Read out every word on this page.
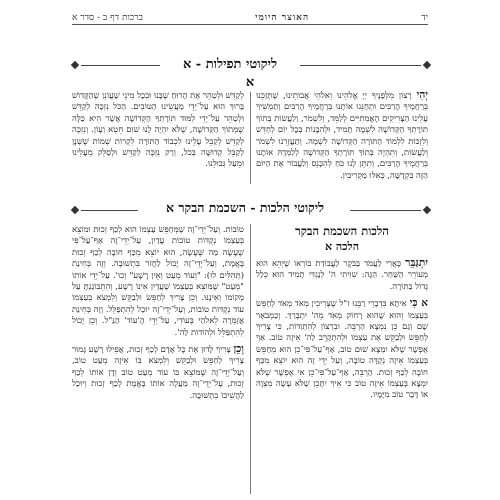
יד
האוצר היומי
ברכות דף ב - סדר א
ליקוטי תפילות - א
א

יְהִי רָצוֹן מִלְּפָנֶיךָ יְיָ אֱלֹהֵינוּ וֵאלֹהֵי אֲבוֹתֵינוּ, שֶׁתְּזַכֵּנוּ בְּרַחֲמֶיךָ הָרַבִּים וּתְחָנֵּנוּ אוֹתָנוּ בְּרַחֲמֶיךָ הָרַבִּים וְתַמְשִׁיךְ עָלֵינוּ הַצָּרִיקִים הָאֲמִתִּיִּים לְלַמֵּד, וְלִשְׁמֹר, וְלַעֲשׂוֹת בְּתוֹךְ תּוֹרָתְךָ הַקְּדוֹשָׁה לִשְׁמָהּ תָּמִיד, וּלְהִבָּנוֹת בְּכָל יוֹם לְחַדֵּשׁ וְלִזְכּוֹת לִלְמוֹד הַתּוֹרָה הַקְּדוֹשָׁה לִשְׁמָהּ. וְתַעֲזְרֵנוּ לִשְׁמֹר וְלַעֲשׂוֹת, וְתִהְיֶה בְּתוֹךְ תּוֹרָתְךָ הַקְּדוֹשָׁה לְלַמְּדָהּ אוֹתָנוּ בְּרַחֲמֶיךָ הָרַבִּים, וְתִתֵּן לָנוּ כֹּחַ לְהִכָּנֵס וְלַעֲבוֹר אֶת הַיּוֹם הַזֶּה בִּקְדֻשָּׁה, כְּאִלּוּ מַקְרִיבִין.

לְקַדֵּשׁ וּלְטַהֵר אֶת הָרוּחַ שֶׁבָּנוּ וּבְכָל מִינֵי שֶׁעֲוֹנֵן שֶׁהַקָּדוֹשׁ בָּרוּךְ הוּא עַל־יְדֵי מַעֲשֵׂינוּ הַטּוֹבִים. הַכֹּל נִזְכֶּה לְקַדֵּשׁ וּלְטַהֵר עַל־יְדֵי לִמּוּד תּוֹרָתְךָ הַקְּדוֹשָׁה אֲשֶׁר הִיא כַּלָּה שֶׁמְּתוֹךְ הַקְּדוֹשָׁה, שֶׁלֹּא יִהְיֶה לָנוּ שׁוּם חֵטְא וְעָוֹן. וְנִזְכֶּה לְקַדֵּשׁ לְקַבֵּל עָלֵינוּ לִכְבוֹד הַתּוֹרָה לִקְרוֹת שְׁמוֹת שֶׁשְּׁנָן לְקַבֵּל קְדוּשָּׁה בְּכֹל, וְרַק נִזְכֶּה לְקַדֵּשׁ וּלְסַלֵּק מֵעָלֵינוּ וּמֵעַל גְּבוּלֵנוּ.

ליקוטי הלכות - השכמת הבקר א
הלכות השכמת הבקר
הלכה א

יִתְגַּבֵּר כָּאֲרִי לַעֲמֹד בַּבֹּקֶר לַעֲבוֹדַת בּוֹרְאוֹ שֶׁיְּהֵא הוּא מְעוֹרֵר הַשַּׁחַר. הַגָּה: שִׁוִּיתִי ה' לְנֶגְדִּי תָמִיד הוּא כְּלָל גָּדוֹל בַּתּוֹרָה.

א כִּי אִיתָא בִּדְבָרֵי רַבֵּנוּ ז"ל שֶׁצְּרִיכִין מְאֹד מְאֹד לְחַפֵּשׂ בְּעַצְמוֹ וְהוּא שֶׁהוּא רָחוֹק מְאֹד מֵה' יִתְבָּרַךְ. וְכַמְבֹאָר שָׁם וְגַם כֵּן נִמְצָא הַרְבֵּה. וּבִרְצוֹן לְהִתְוַדּוֹת, כִּי צָרִיךְ לְחַפֵּשׂ וּלְבַקֵּשׁ אֶת עַצְמוֹ וּלְהִתְקָרֵב לַה' אֵיזֶה טוֹב. אַךְ אֶפְשָׁר שֶׁלֹּא יִמְצָא שׁוּם טוֹב, אַף־עַל־פִּי־כֵן הוּא מְחַפֵּשׂ בְּעַצְמוֹ אֵיזֶה נְקֻדָּה טוֹבָה, וְעַל יְדֵי זֶה הוּא יוֹצֵא מִכַּף חוֹבָה לְכַף זְכוּת. הַרְבֵּה, אַף־עַל־פִּי־כֵן אִי אֶפְשָׁר שֶׁלֹּא יִמְצָא בְּעַצְמוֹ אֵיזֶה טוֹב כִּי אֵיךְ יִתָּכֵן שֶׁלֹּא עָשָׂה מִצְוָה אוֹ דָּבָר טוֹב מִיָּמָיו.

טוֹבוֹת. וְעַל־יְדֵי־זֶה שֶׁמְּחַפֵּשׂ עַצְמוֹ הוּא לְכַף זְכוּת וּמוֹצֵא בְּעַצְמוֹ נְקֻדּוֹת טוֹבוֹת עֲדַיִן, עַל־יְדֵי־זֶה אַף־עַל־פִּי שֶׁעָשָׂה מַה שֶּׁעָשָׂה, הוּא יוֹצֵא מִכַּף חוֹבָה לְכַף זְכוּת בֶּאֱמֶת, וְעַל־יְדֵי־זֶה יָכוֹל לַחֲזֹר בִּתְשׁוּבָה. וְזֶה בְּחִינַת (תְּהִלִּים לז): "וְעוֹד מְעַט וְאֵין רָשָׁע" וְכוּ'. עַל־יְדֵי אוֹתוֹ "מְעַט" שֶׁמּוֹצֵא בְּעַצְמוֹ שֶׁעֲדַיִן אֵינוֹ רָשָׁע, וְהִתְבּוֹנַנְתָּ עַל מְקוֹמוֹ וְאֵינֶנּוּ. וְכֵן צָרִיךְ לְחַפֵּשׂ וּלְבַקֵּשׁ וְלִמְצֹא בְּעַצְמוֹ עוֹד נְקֻדּוֹת טוֹבוֹת, וְעַל־יְדֵי־זֶה יוּכַל לְהִתְפַּלֵּל. וְזֶה בְּחִינַת אֲזַמְּרָה לֵאלֹהַי בְּעוֹדִי, עַל־יְדֵי הָ'עוֹד' הַנַּ"ל. וְכֵן יָכוֹל לְהִתְפַּלֵּל וּלְהוֹדוֹת לַה'.

וְכֵן צָרִיךְ לָדוּן אֶת כָּל אָדָם לְכַף זְכוּת, אֲפִילּוּ רָשָׁע גָּמוּר צָרִיךְ לְחַפֵּשׂ וּלְבַקֵּשׁ וְלִמְצֹא בּוֹ אֵיזֶה מְעַט טוֹב, וְעַל־יְדֵי־זֶה שֶׁמּוֹצֵא בּוֹ עוֹד מְעַט טוֹב וְדָן אוֹתוֹ לְכַף זְכוּת, עַל־יְדֵי־זֶה מַעֲלֶה אוֹתוֹ בֶּאֱמֶת לְכַף זְכוּת וְיוּכַל לַהֲשִׁיבוֹ בִּתְשׁוּבָה.
